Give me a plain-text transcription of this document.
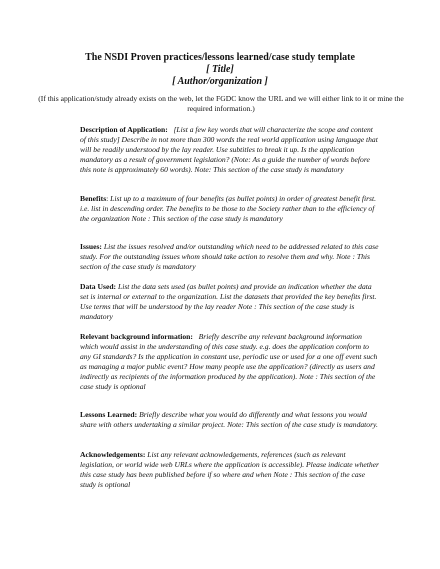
The NSDI Proven practices/lessons learned/case study template
[ Title]
[ Author/organization ]
(If this application/study already exists on the web, let the FGDC know the URL and we will either link to it or mine the required information.)
Description of Application: [List a few key words that will characterize the scope and content of this study] Describe in not more than 300 words the real world application using language that will be readily understood by the lay reader. Use subtitles to break it up. Is the application mandatory as a result of government legislation? (Note: As a guide the number of words before this note is approximately 60 words). Note: This section of the case study is mandatory
Benefits: List up to a maximum of four benefits (as bullet points) in order of greatest benefit first. i.e. list in descending order. The benefits to be those to the Society rather than to the efficiency of the organization Note : This section of the case study is mandatory
Issues: List the issues resolved and/or outstanding which need to be addressed related to this case study. For the outstanding issues whom should take action to resolve them and why. Note : This section of the case study is mandatory
Data Used: List the data sets used (as bullet points) and provide an indication whether the data set is internal or external to the organization. List the datasets that provided the key benefits first. Use terms that will be understood by the lay reader Note : This section of the case study is mandatory
Relevant background information: Briefly describe any relevant background information which would assist in the understanding of this case study. e.g. does the application conform to any GI standards? Is the application in constant use, periodic use or used for a one off event such as managing a major public event? How many people use the application? (directly as users and indirectly as recipients of the information produced by the application). Note : This section of the case study is optional
Lessons Learned: Briefly describe what you would do differently and what lessons you would share with others undertaking a similar project. Note: This section of the case study is mandatory.
Acknowledgements: List any relevant acknowledgements, references (such as relevant legislation, or world wide web URLs where the application is accessible). Please indicate whether this case study has been published before if so where and when Note : This section of the case study is optional
